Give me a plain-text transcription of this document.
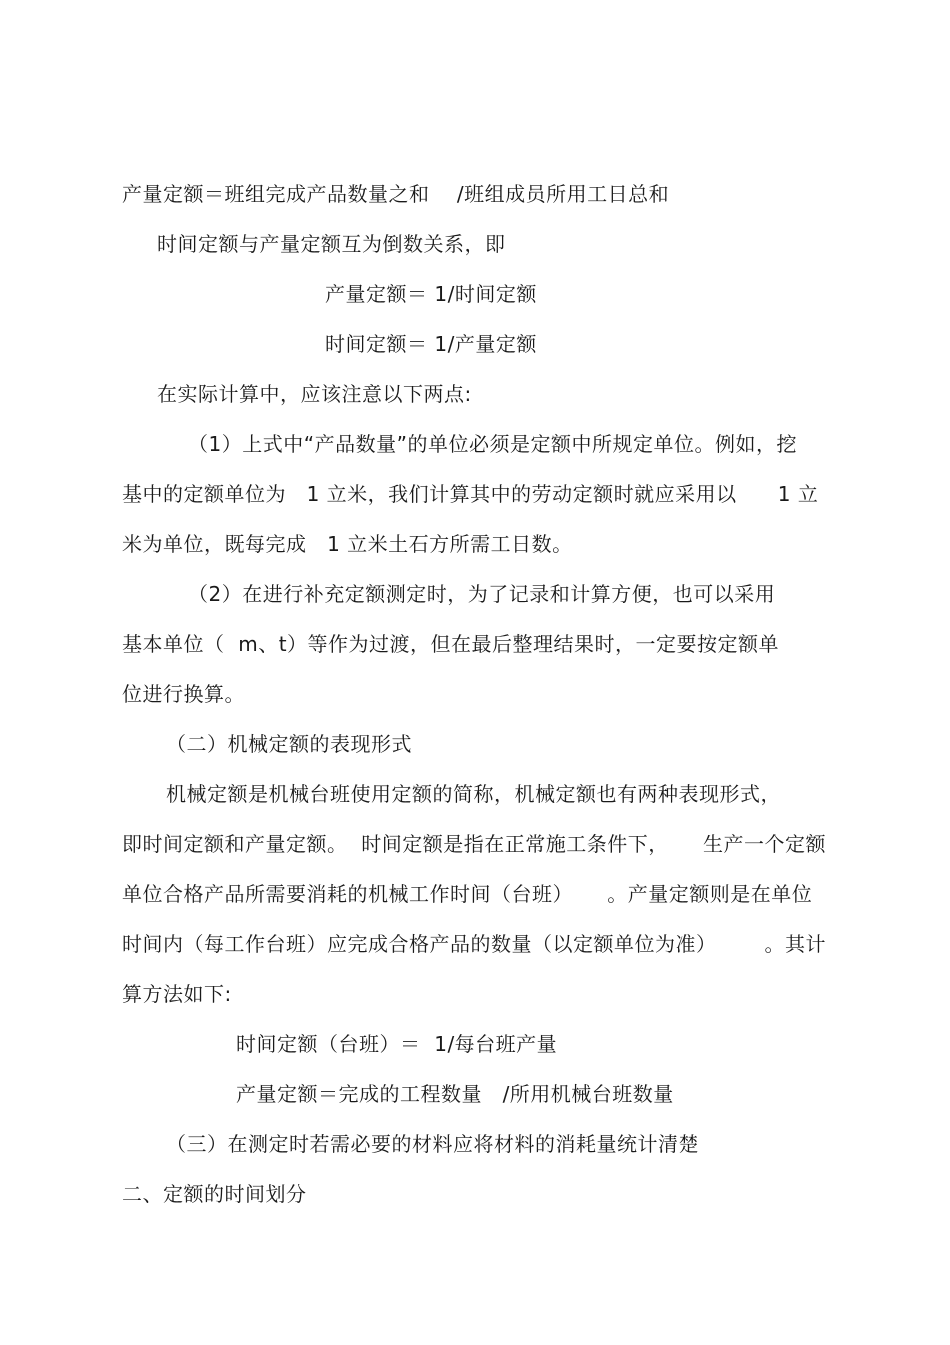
产量定额＝班组完成产品数量之和    /班组成员所用工日总和
时间定额与产量定额互为倒数关系，即
产量定额＝ 1/时间定额
时间定额＝ 1/产量定额
在实际计算中，应该注意以下两点:
（1）上式中“产品数量”的单位必须是定额中所规定单位。例如，挖
基中的定额单位为   1 立米，我们计算其中的劳动定额时就应采用以      1 立
米为单位，既每完成   1 立米土石方所需工日数。
（2）在进行补充定额测定时，为了记录和计算方便，也可以采用
基本单位（  m、t）等作为过渡，但在最后整理结果时，一定要按定额单
位进行换算。
（二）机械定额的表现形式
机械定额是机械台班使用定额的简称，机械定额也有两种表现形式，
即时间定额和产量定额。  时间定额是指在正常施工条件下，     生产一个定额
单位合格产品所需要消耗的机械工作时间（台班）     。产量定额则是在单位
时间内（每工作台班）应完成合格产品的数量（以定额单位为准）       。其计
算方法如下:
时间定额（台班）＝  1/每台班产量
产量定额＝完成的工程数量   /所用机械台班数量
（三）在测定时若需必要的材料应将材料的消耗量统计清楚
二、定额的时间划分
